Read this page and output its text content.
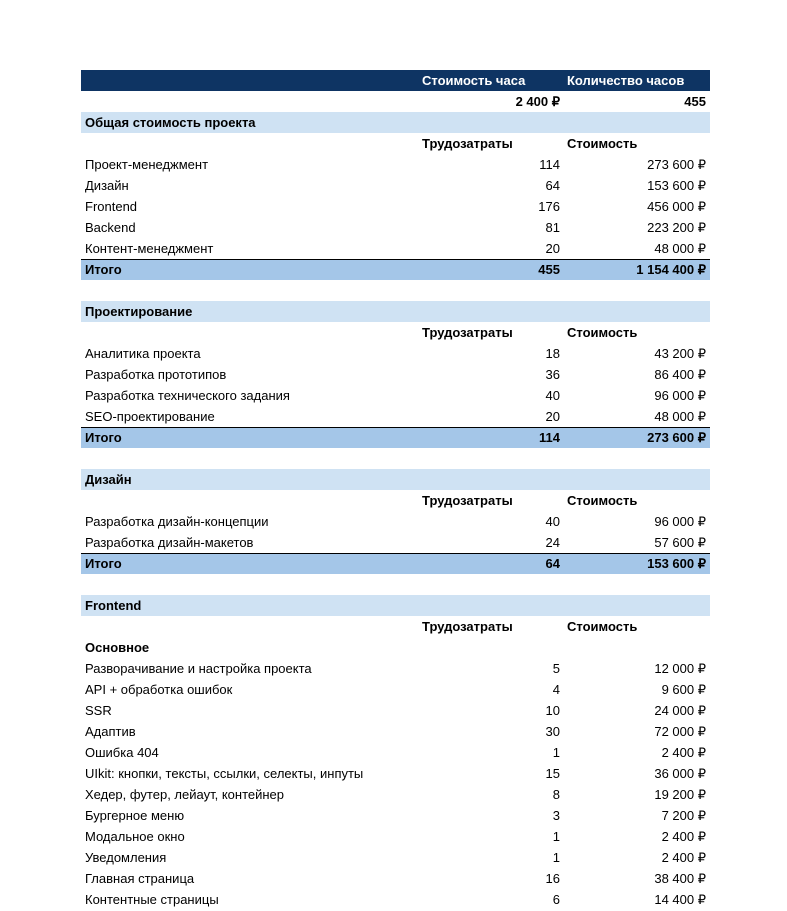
Стоимость часа	Количество часов
2 400 ₽	455
Общая стоимость проекта
Трудозатраты	Стоимость
Проект-менеджмент	114	273 600 ₽
Дизайн	64	153 600 ₽
Frontend	176	456 000 ₽
Backend	81	223 200 ₽
Контент-менеджмент	20	48 000 ₽
Итого	455	1 154 400 ₽
Проектирование
Трудозатраты	Стоимость
Аналитика проекта	18	43 200 ₽
Разработка прототипов	36	86 400 ₽
Разработка технического задания	40	96 000 ₽
SEO-проектирование	20	48 000 ₽
Итого	114	273 600 ₽
Дизайн
Трудозатраты	Стоимость
Разработка дизайн-концепции	40	96 000 ₽
Разработка дизайн-макетов	24	57 600 ₽
Итого	64	153 600 ₽
Frontend
Трудозатраты	Стоимость
Основное
Разворачивание и настройка проекта	5	12 000 ₽
API + обработка ошибок	4	9 600 ₽
SSR	10	24 000 ₽
Адаптив	30	72 000 ₽
Ошибка 404	1	2 400 ₽
UIkit: кнопки, тексты, ссылки, селекты, инпуты	15	36 000 ₽
Хедер, футер, лейаут, контейнер	8	19 200 ₽
Бургерное меню	3	7 200 ₽
Модальное окно	1	2 400 ₽
Уведомления	1	2 400 ₽
Главная страница	16	38 400 ₽
Контентные страницы	6	14 400 ₽
